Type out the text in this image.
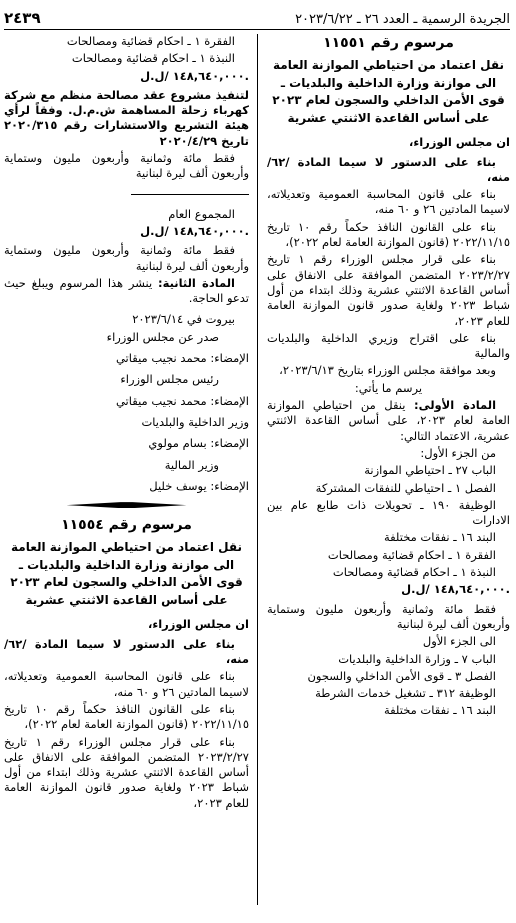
الجريدة الرسمية ـ العدد ٢٦ ـ ٢٠٢٣/٦/٢٢
٢٤٣٩
مرسوم رقم ١١٥٥١
نقل اعتماد من احتياطي الموازنة العامة الى موازنة وزارة الداخلية والبلديات ـ قوى الأمن الداخلي والسجون لعام ٢٠٢٣ على أساس القاعدة الاثنتي عشرية
ان مجلس الوزراء،

بناء على الدستور لا سيما المادة /٦٢/ منه،

بناء على قانون المحاسبة العمومية وتعديلاته، لاسيما المادتين ٢٦ و ٦٠ منه،

بناء على القانون النافذ حكماً رقم ١٠ تاريخ ٢٠٢٢/١١/١٥ (قانون الموازنة العامة لعام ٢٠٢٢)،

بناء على قرار مجلس الوزراء رقم ١ تاريخ ٢٠٢٣/٢/٢٧ المتضمن الموافقة على الانفاق على أساس القاعدة الاثنتي عشرية وذلك ابتداء من أول شباط ٢٠٢٣ ولغاية صدور قانون الموازنة العامة للعام ٢٠٢٣،

بناء على اقتراح وزيري الداخلية والبلديات والمالية

وبعد موافقة مجلس الوزراء بتاريخ ٢٠٢٣/٦/١٣،

يرسم ما يأتي:

المادة الأولى: ينقل من احتياطي الموازنة العامة لعام ٢٠٢٣، على أساس القاعدة الاثنتي عشرية، الاعتماد التالي:

من الجزء الأول:

الباب ٢٧ ـ احتياطي الموازنة

الفصل ١ ـ احتياطي للنفقات المشتركة

الوظيفة ١٩٠ ـ تحويلات ذات طابع عام بين الادارات

البند ١٦ ـ نفقات مختلفة

الفقرة ١ ـ احكام قضائية ومصالحات

النبذة ١ ـ احكام قضائية ومصالحات

١٤٨,٦٤٠,٠٠٠ /ل.ل.

فقط مائة وثمانية وأربعون مليون وستماية وأربعون ألف ليرة لبنانية

الى الجزء الأول

الباب ٧ ـ وزارة الداخلية والبلديات

الفصل ٣ ـ قوى الأمن الداخلي والسجون

الوظيفة ٣١٢ ـ تشغيل خدمات الشرطة

البند ١٦ ـ نفقات مختلفة

الفقرة ١ ـ احكام قضائية ومصالحات

النبذة ١ ـ احكام قضائية ومصالحات

١٤٨,٦٤٠,٠٠٠ /ل.ل.

لتنفيذ مشروع عقد مصالحة منظم مع شركة كهرباء زحلة المساهمة ش.م.ل. وفقاً لرأي هيئة التشريع والاستشارات رقم ٢٠٢٠/٣١٥ تاريخ ٢٠٢٠/٤/٢٩

فقط مائة وثمانية وأربعون مليون وستماية وأربعون ألف ليرة لبنانية

المجموع العام

١٤٨,٦٤٠,٠٠٠ /ل.ل.

فقط مائة وثمانية وأربعون مليون وستماية وأربعون ألف ليرة لبنانية

المادة الثانية: ينشر هذا المرسوم ويبلغ حيث تدعو الحاجة.

بيروت في ٢٠٢٣/٦/١٤

صدر عن مجلس الوزراء

الإمضاء: محمد نجيب ميقاتي

رئيس مجلس الوزراء

الإمضاء: محمد نجيب ميقاتي

وزير الداخلية والبلديات

الإمضاء: بسام مولوي

وزير المالية

الإمضاء: يوسف خليل

مرسوم رقم ١١٥٥٤
نقل اعتماد من احتياطي الموازنة العامة الى موازنة وزارة الداخلية والبلديات ـ قوى الأمن الداخلي والسجون لعام ٢٠٢٣ على أساس القاعدة الاثنتي عشرية
ان مجلس الوزراء،

بناء على الدستور لا سيما المادة /٦٢/ منه،

بناء على قانون المحاسبة العمومية وتعديلاته، لاسيما المادتين ٢٦ و ٦٠ منه،

بناء على القانون النافذ حكماً رقم ١٠ تاريخ ٢٠٢٢/١١/١٥ (قانون الموازنة العامة لعام ٢٠٢٢)،

بناء على قرار مجلس الوزراء رقم ١ تاريخ ٢٠٢٣/٢/٢٧ المتضمن الموافقة على الانفاق على أساس القاعدة الاثنتي عشرية وذلك ابتداء من أول شباط ٢٠٢٣ ولغاية صدور قانون الموازنة العامة للعام ٢٠٢٣،
